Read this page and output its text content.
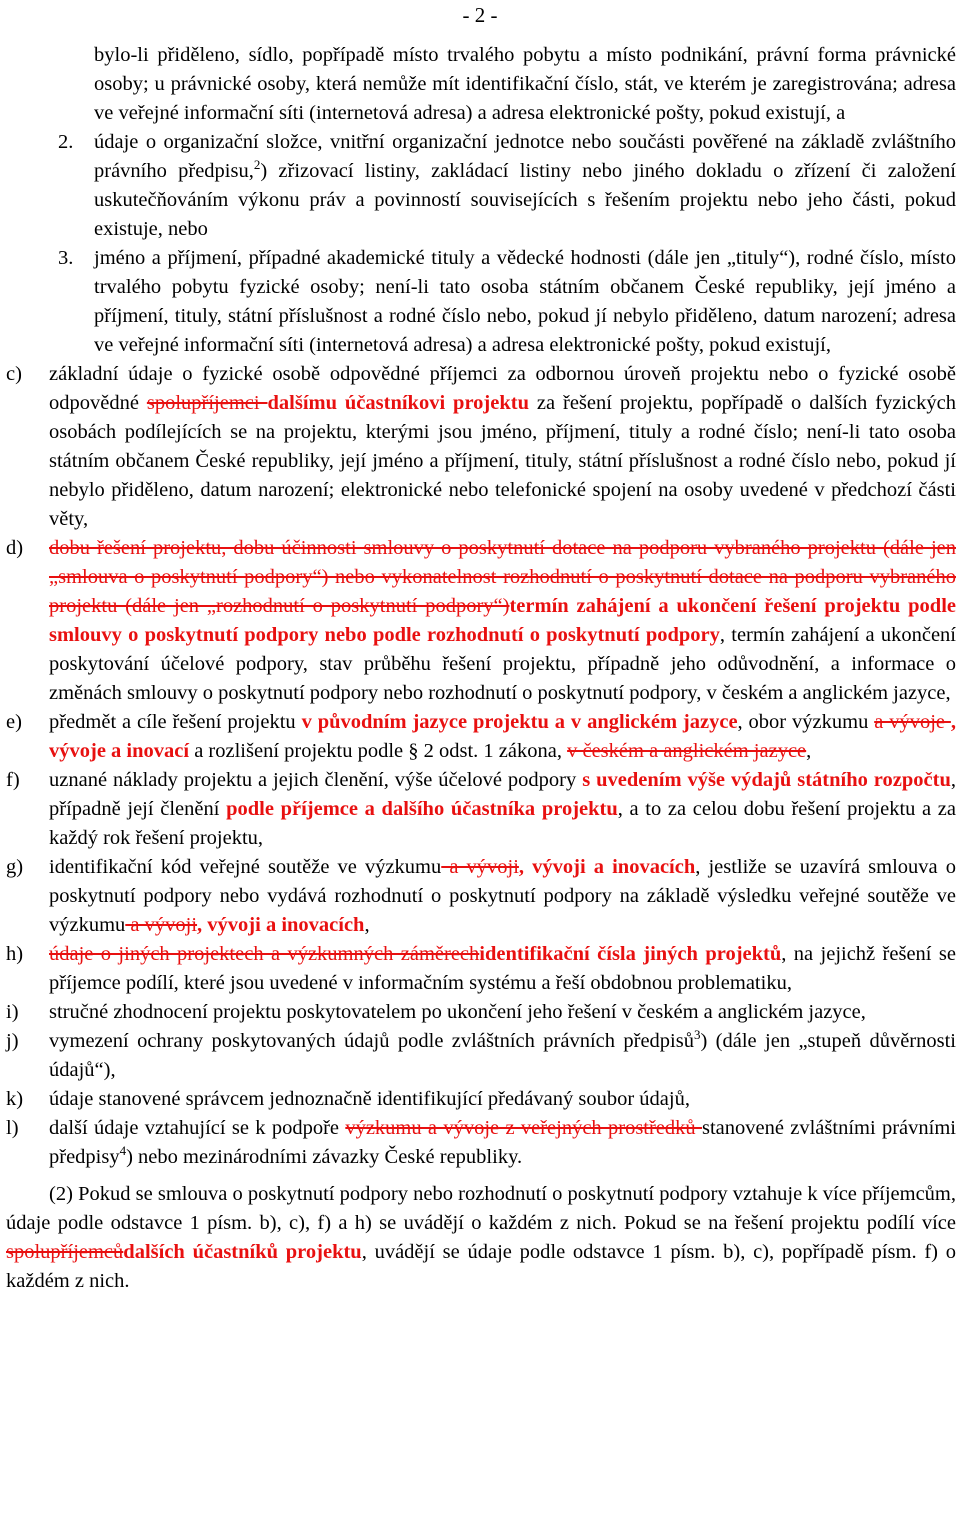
- 2 -
bylo-li přiděleno, sídlo, popřípadě místo trvalého pobytu a místo podnikání, právní forma právnické osoby; u právnické osoby, která nemůže mít identifikační číslo, stát, ve kterém je zaregistrována; adresa ve veřejné informační síti (internetová adresa) a adresa elektronické pošty, pokud existují, a
2. údaje o organizační složce, vnitřní organizační jednotce nebo součásti pověřené na základě zvláštního právního předpisu,$^2$) zřizovací listiny, zakládací listiny nebo jiného dokladu o zřízení či založení uskutečňováním výkonu práv a povinností souvisejících s řešením projektu nebo jeho části, pokud existuje, nebo
3. jméno a příjmení, případné akademické tituly a vědecké hodnosti (dále jen „tituly“), rodné číslo, místo trvalého pobytu fyzické osoby; není-li tato osoba státním občanem České republiky, její jméno a příjmení, tituly, státní příslušnost a rodné číslo nebo, pokud jí nebylo přiděleno, datum narození; adresa ve veřejné informační síti (internetová adresa) a adresa elektronické pošty, pokud existují,
c) základní údaje o fyzické osobě odpovědné příjemci za odbornou úroveň projektu nebo o fyzické osobě odpovědné spolupříjemci dalšímu účastníkovi projektu za řešení projektu, popřípadě o dalších fyzických osobách podílejících se na projektu, kterými jsou jméno, příjmení, tituly a rodné číslo; není-li tato osoba státním občanem České republiky, její jméno a příjmení, tituly, státní příslušnost a rodné číslo nebo, pokud jí nebylo přiděleno, datum narození; elektronické nebo telefonické spojení na osoby uvedené v předchozí části věty,
d) dobu řešení projektu, dobu účinnosti smlouvy o poskytnutí dotace na podporu vybraného projektu (dále jen „smlouva o poskytnutí podpory“) nebo vykonatelnost rozhodnutí o poskytnutí dotace na podporu vybraného projektu (dále jen „rozhodnutí o poskytnutí podpory“)termín zahájení a ukončení řešení projektu podle smlouvy o poskytnutí podpory nebo podle rozhodnutí o poskytnutí podpory, termín zahájení a ukončení poskytování účelové podpory, stav průběhu řešení projektu, případně jeho odůvodnění, a informace o změnách smlouvy o poskytnutí podpory nebo rozhodnutí o poskytnutí podpory, v českém a anglickém jazyce,
e) předmět a cíle řešení projektu v původním jazyce projektu a v anglickém jazyce, obor výzkumu a vývoje , vývoje a inovací a rozlišení projektu podle § 2 odst. 1 zákona, v českém a anglickém jazyce,
f) uznané náklady projektu a jejich členění, výše účelové podpory s uvedením výše výdajů státního rozpočtu, případně její členění podle příjemce a dalšího účastníka projektu, a to za celou dobu řešení projektu a za každý rok řešení projektu,
g) identifikační kód veřejné soutěže ve výzkumu a vývoji, vývoji a inovacích, jestliže se uzavírá smlouva o poskytnutí podpory nebo vydává rozhodnutí o poskytnutí podpory na základě výsledku veřejné soutěže ve výzkumu a vývoji, vývoji a inovacích,
h) údaje o jiných projektech a výzkumných záměrechidentifikační čísla jiných projektů, na jejichž řešení se příjemce podílí, které jsou uvedené v informačním systému a řeší obdobnou problematiku,
i) stručné zhodnocení projektu poskytovatelem po ukončení jeho řešení v českém a anglickém jazyce,
j) vymezení ochrany poskytovaných údajů podle zvláštních právních předpisů$^3$) (dále jen „stupeň důvěrnosti údajů“),
k) údaje stanovené správcem jednoznačně identifikující předávaný soubor údajů,
l) další údaje vztahující se k podpoře výzkumu a vývoje z veřejných prostředků stanovené zvláštními právními předpisy$^4$) nebo mezinárodními závazky České republiky.
(2) Pokud se smlouva o poskytnutí podpory nebo rozhodnutí o poskytnutí podpory vztahuje k více příjemcům, údaje podle odstavce 1 písm. b), c), f) a h) se uvádějí o každém z nich. Pokud se na řešení projektu podílí více spolupříjemcůdalších účastníků projektu, uvádějí se údaje podle odstavce 1 písm. b), c), popřípadě písm. f) o každém z nich.
